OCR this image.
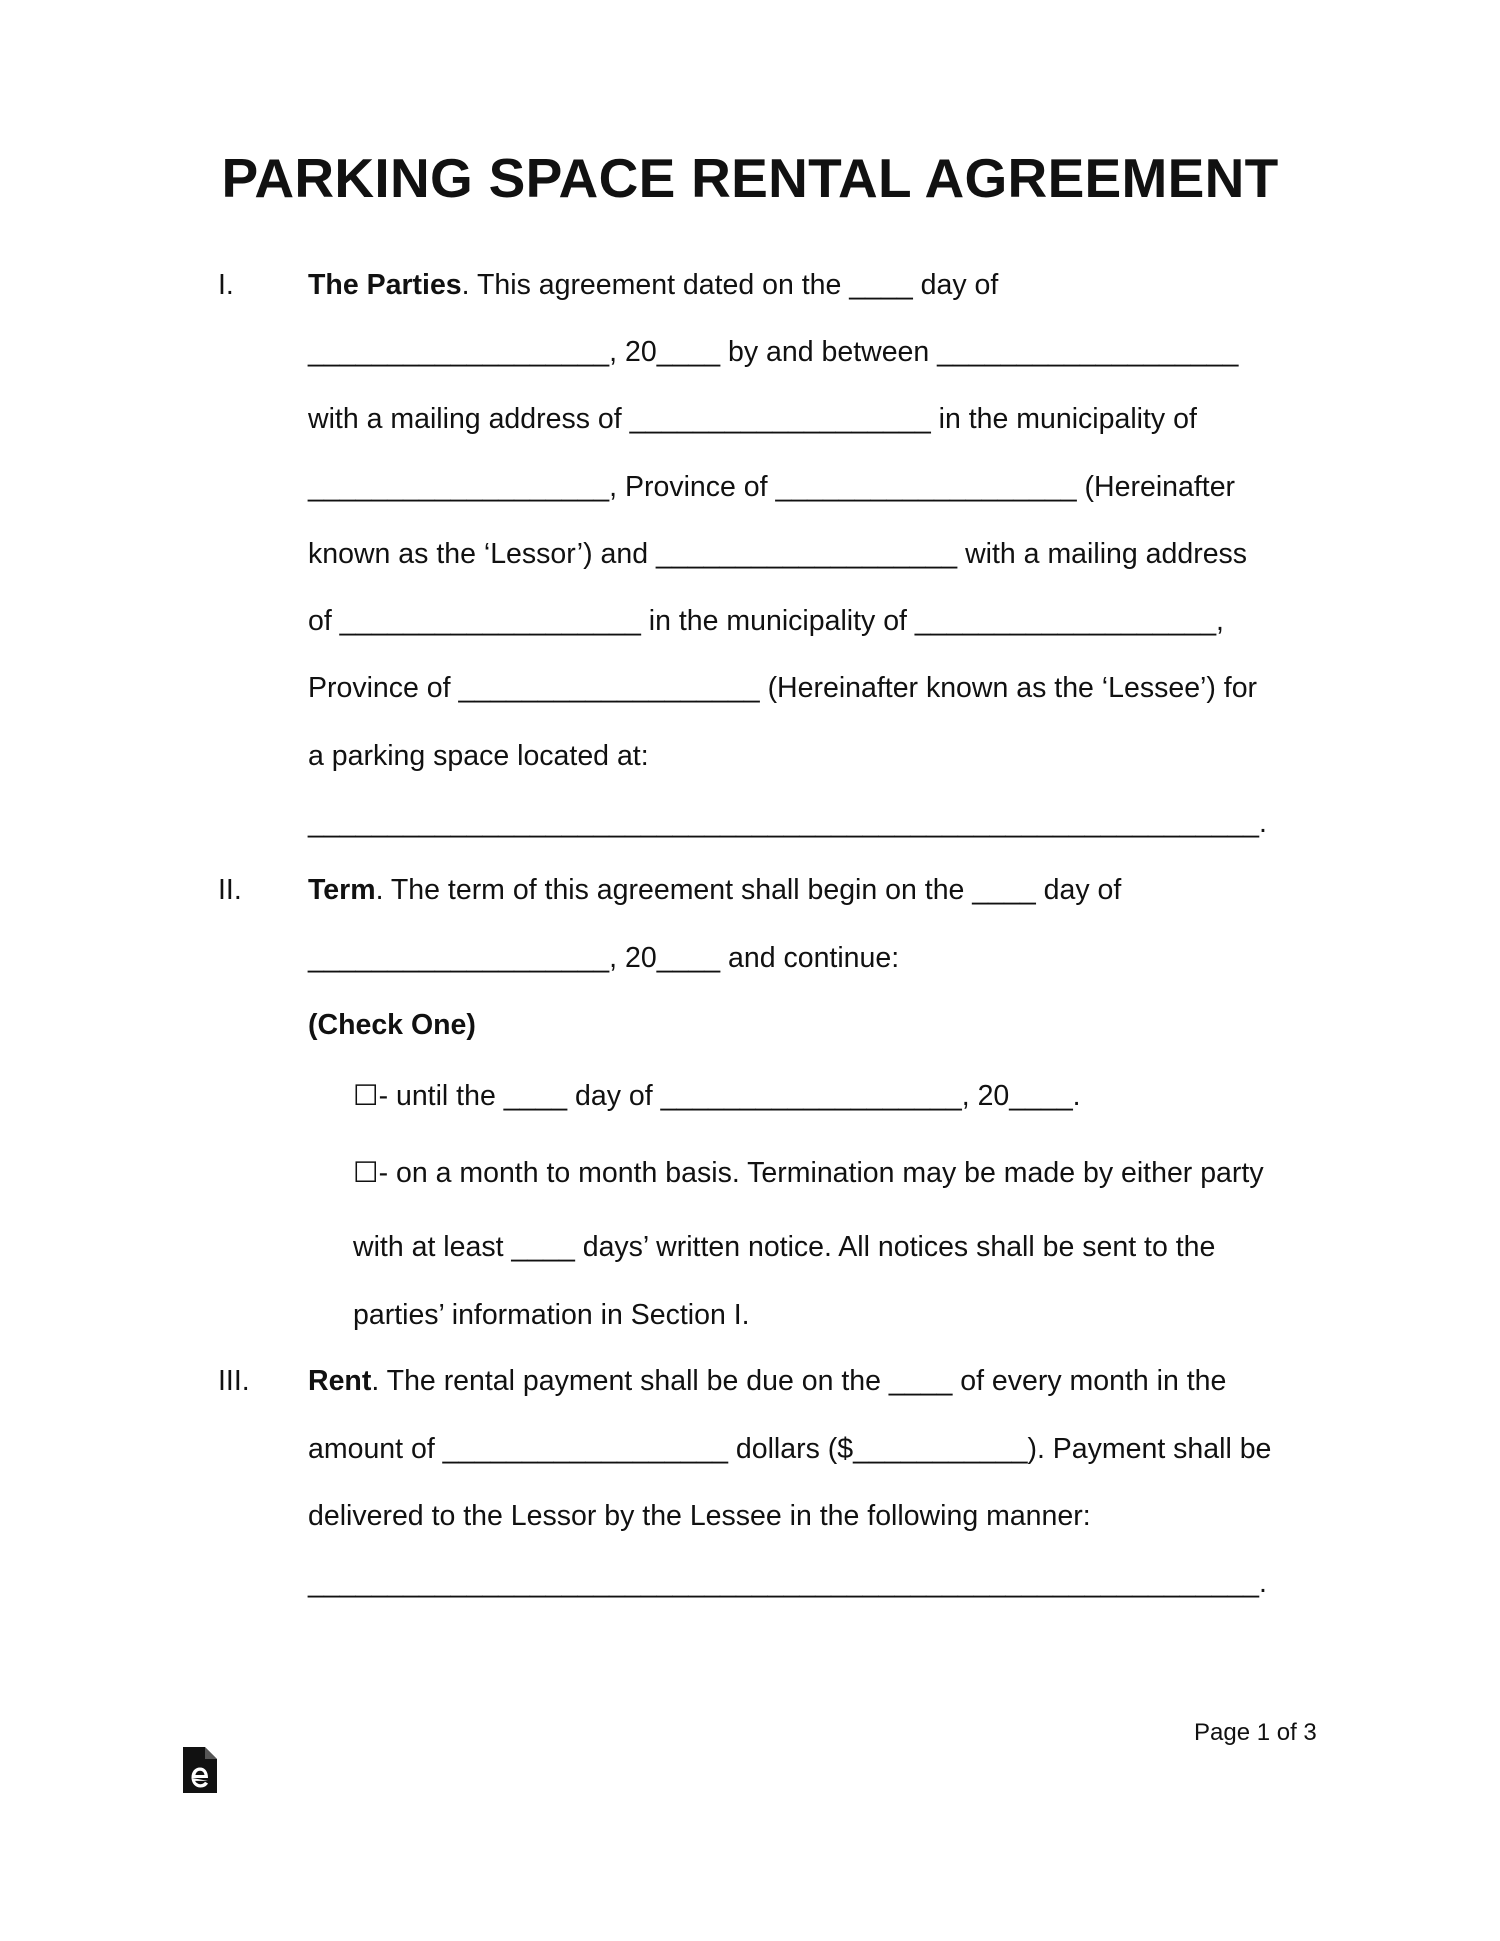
PARKING SPACE RENTAL AGREEMENT
I.	The Parties. This agreement dated on the ____ day of
___________________, 20____ by and between ___________________
with a mailing address of ___________________ in the municipality of
___________________, Province of ___________________ (Hereinafter
known as the ‘Lessor’) and ___________________ with a mailing address
of ___________________ in the municipality of ___________________,
Province of ___________________ (Hereinafter known as the ‘Lessee’) for
a parking space located at:
____________________________________________________________.
II. Term. The term of this agreement shall begin on the ____ day of
___________________, 20____ and continue:
(Check One)
☐- until the ____ day of ___________________, 20____.
☐- on a month to month basis. Termination may be made by either party
with at least ____ days’ written notice. All notices shall be sent to the
parties’ information in Section I.
III. Rent. The rental payment shall be due on the ____ of every month in the
amount of __________________ dollars ($___________). Payment shall be
delivered to the Lessor by the Lessee in the following manner:
____________________________________________________________.
Page 1 of 3
